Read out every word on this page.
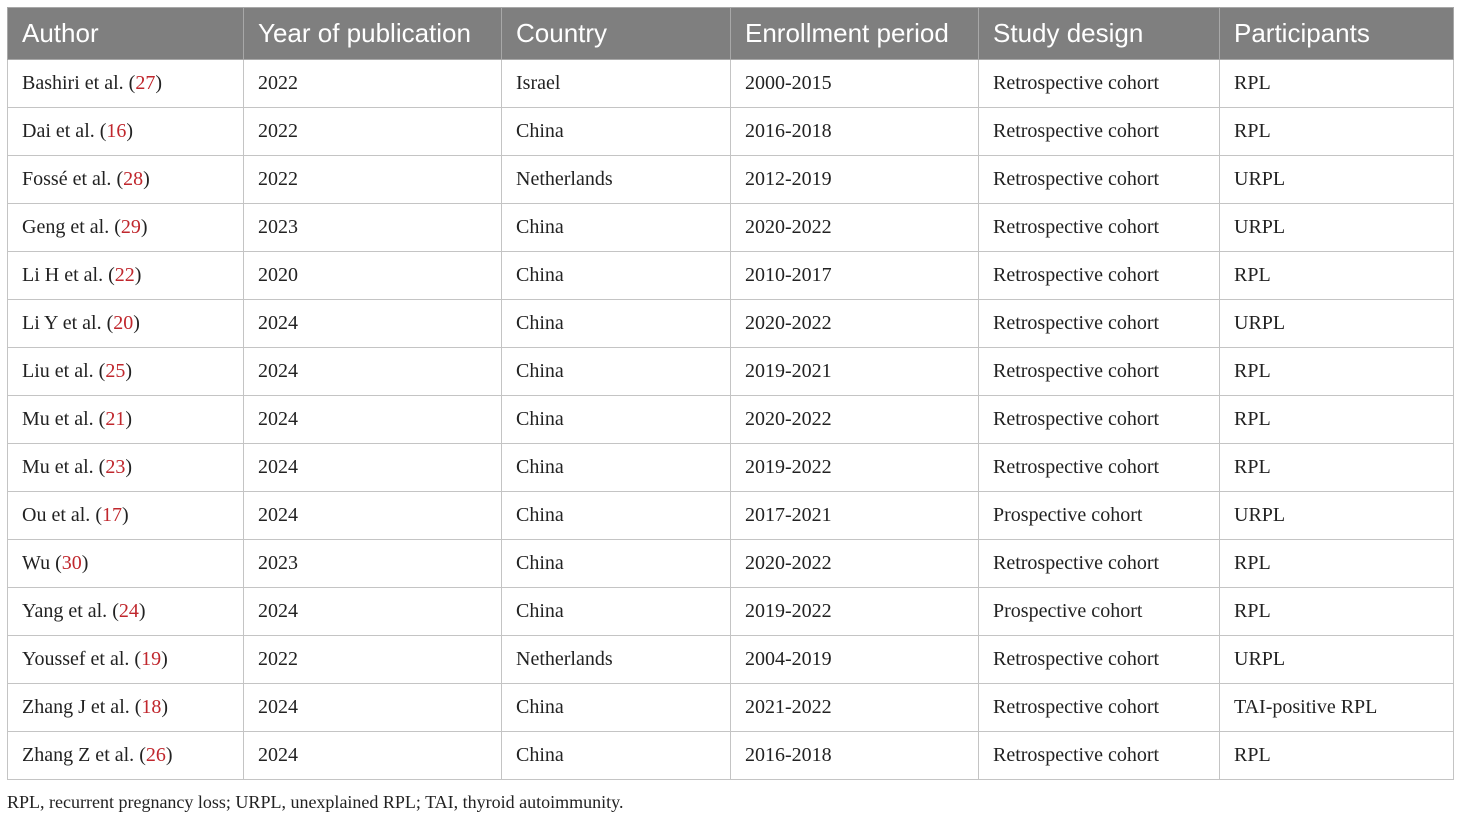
Author	Year of publication	Country	Enrollment period	Study design	Participants
Bashiri et al. (27)	2022	Israel	2000-2015	Retrospective cohort	RPL
Dai et al. (16)	2022	China	2016-2018	Retrospective cohort	RPL
Fossé et al. (28)	2022	Netherlands	2012-2019	Retrospective cohort	URPL
Geng et al. (29)	2023	China	2020-2022	Retrospective cohort	URPL
Li H et al. (22)	2020	China	2010-2017	Retrospective cohort	RPL
Li Y et al. (20)	2024	China	2020-2022	Retrospective cohort	URPL
Liu et al. (25)	2024	China	2019-2021	Retrospective cohort	RPL
Mu et al. (21)	2024	China	2020-2022	Retrospective cohort	RPL
Mu et al. (23)	2024	China	2019-2022	Retrospective cohort	RPL
Ou et al. (17)	2024	China	2017-2021	Prospective cohort	URPL
Wu (30)	2023	China	2020-2022	Retrospective cohort	RPL
Yang et al. (24)	2024	China	2019-2022	Prospective cohort	RPL
Youssef et al. (19)	2022	Netherlands	2004-2019	Retrospective cohort	URPL
Zhang J et al. (18)	2024	China	2021-2022	Retrospective cohort	TAI-positive RPL
Zhang Z et al. (26)	2024	China	2016-2018	Retrospective cohort	RPL
RPL, recurrent pregnancy loss; URPL, unexplained RPL; TAI, thyroid autoimmunity.
